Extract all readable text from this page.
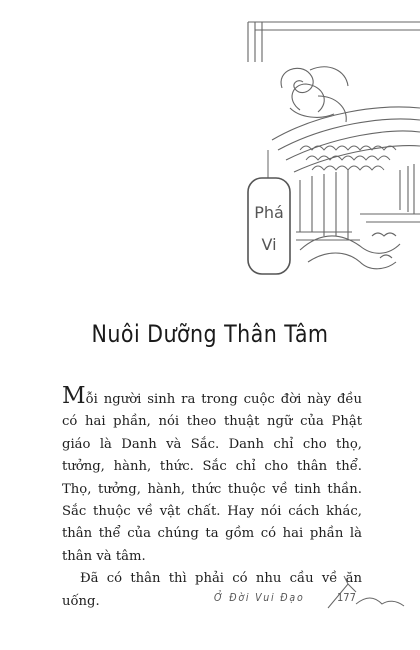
Phá
Vi
Nuôi Dưỡng Thân Tâm

Mỗi người sinh ra trong cuộc đời này đều có hai phần, nói theo thuật ngữ của Phật giáo là Danh và Sắc. Danh chỉ cho thọ, tưởng, hành, thức. Sắc chỉ cho thân thể. Thọ, tưởng, hành, thức thuộc về tinh thần. Sắc thuộc về vật chất. Hay nói cách khác, thân thể của chúng ta gồm có hai phần là thân và tâm.

Đã có thân thì phải có nhu cầu về ăn uống.	Ở Đời Vui Đạo	177
